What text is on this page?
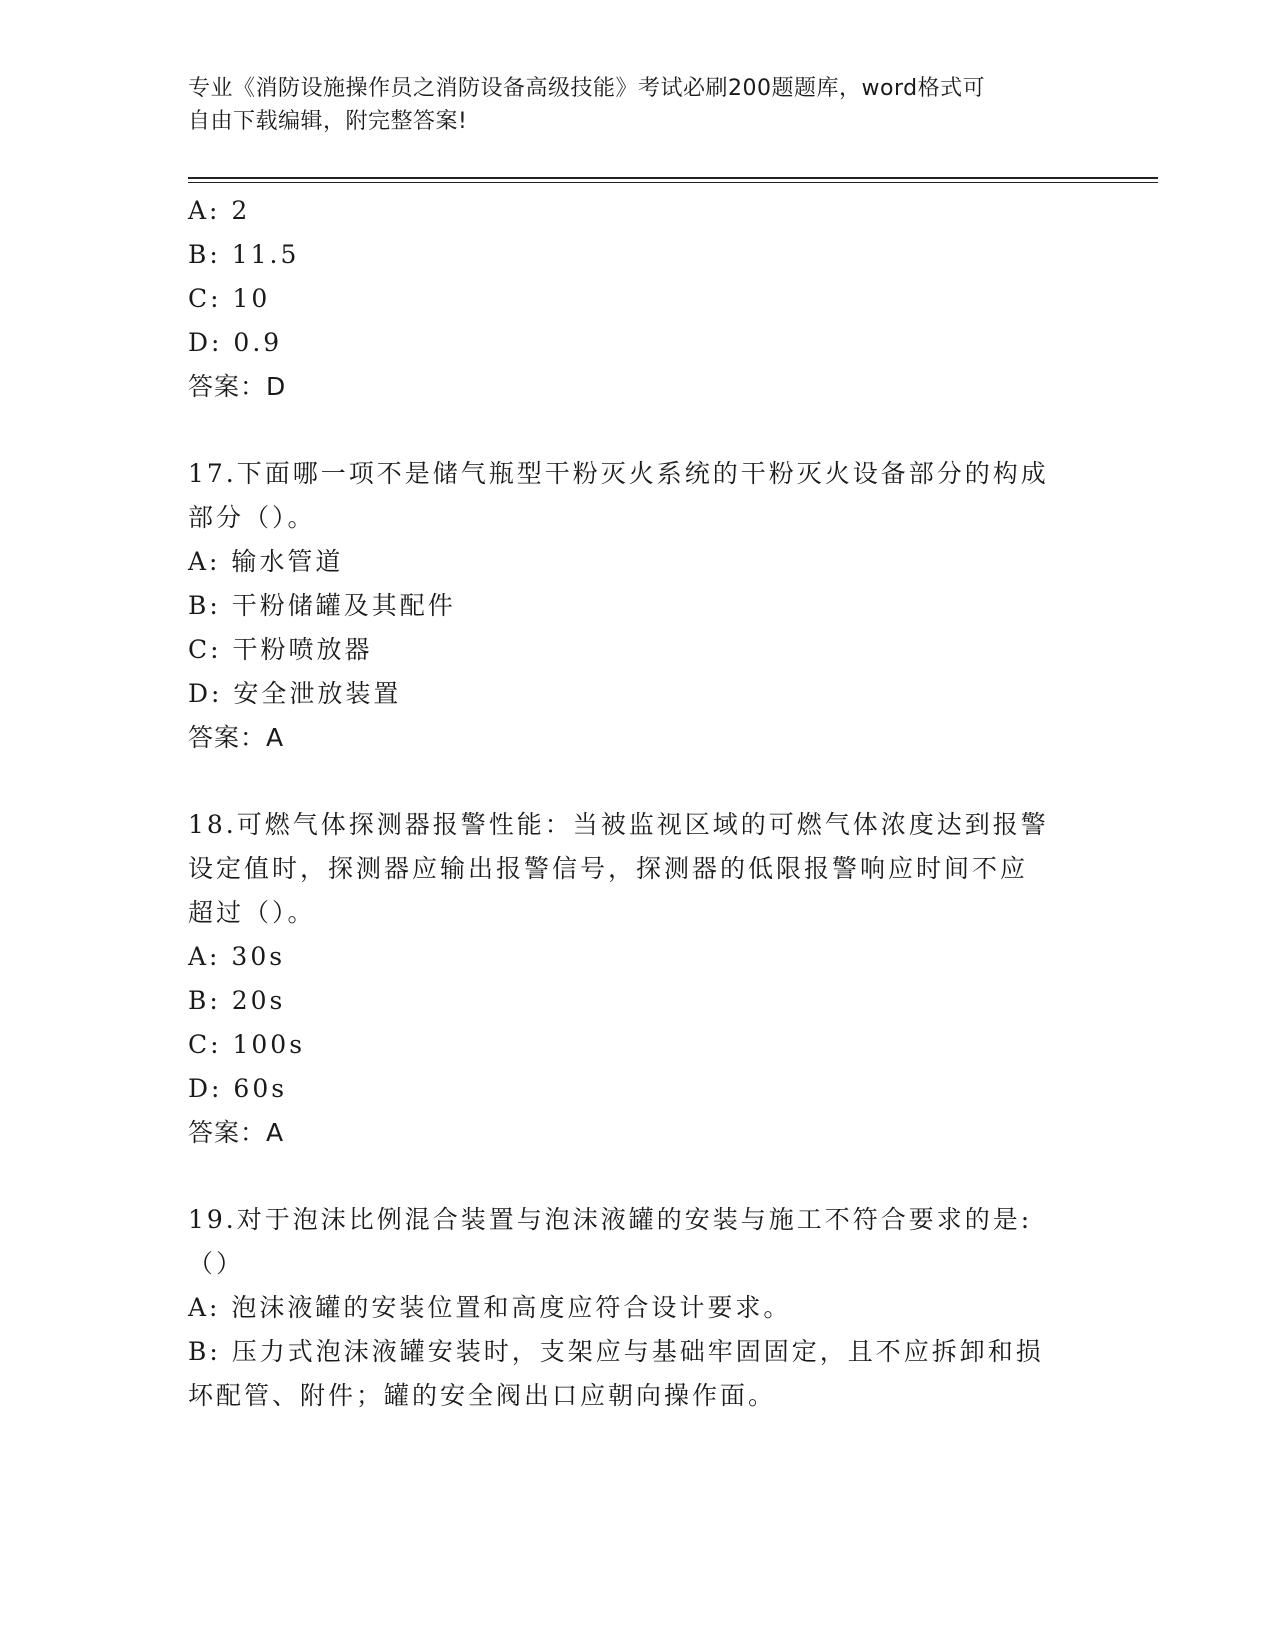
专业《消防设施操作员之消防设备高级技能》考试必刷200题题库，word格式可
自由下载编辑，附完整答案!
A: 2
B: 11.5
C: 10
D: 0.9
答案：D
17.下面哪一项不是储气瓶型干粉灭火系统的干粉灭火设备部分的构成
部分（）。
A: 输水管道
B: 干粉储罐及其配件
C: 干粉喷放器
D: 安全泄放装置
答案：A
18.可燃气体探测器报警性能：当被监视区域的可燃气体浓度达到报警
设定值时，探测器应输出报警信号，探测器的低限报警响应时间不应
超过（）。
A: 30s
B: 20s
C: 100s
D: 60s
答案：A
19.对于泡沫比例混合装置与泡沫液罐的安装与施工不符合要求的是:
（）
A: 泡沫液罐的安装位置和高度应符合设计要求。
B: 压力式泡沫液罐安装时，支架应与基础牢固固定，且不应拆卸和损
坏配管、附件；罐的安全阀出口应朝向操作面。
